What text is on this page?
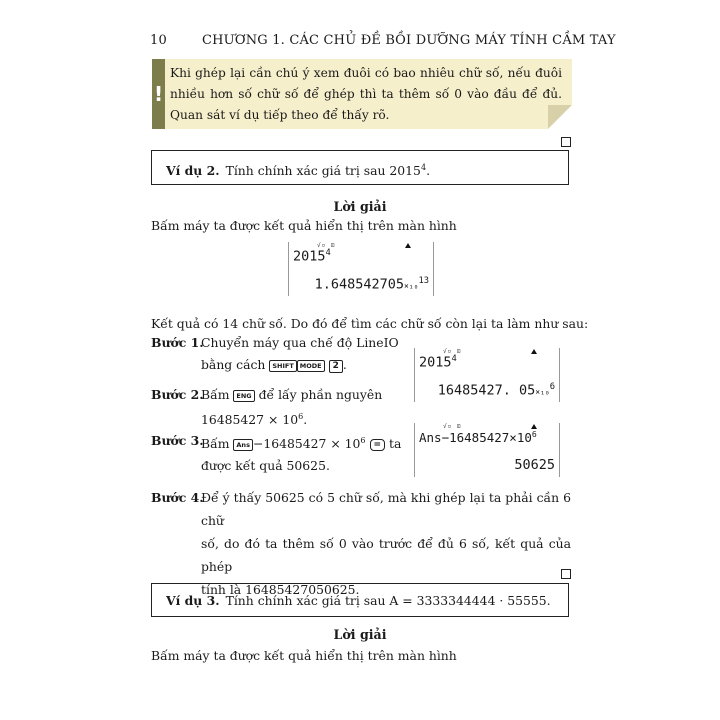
10	CHƯƠNG 1. CÁC CHỦ ĐỀ BỒI DƯỠNG MÁY TÍNH CẦM TAY
!
Khi ghép lại cần chú ý xem đuôi có bao nhiêu chữ số, nếu đuôi nhiều hơn số chữ số để ghép thì ta thêm số 0 vào đầu để đủ. Quan sát ví dụ tiếp theo để thấy rõ.
Ví dụ 2. Tính chính xác giá trị sau 2015$^4$.
Lời giải
Bấm máy ta được kết quả hiển thị trên màn hình
√▫ ⊡
2015$^4$
1.648542705×₁₀$^{13}$
Kết quả có 14 chữ số. Do đó để tìm các chữ số còn lại ta làm như sau:
Bước 1.
Chuyển máy qua chế độ LineIO
bằng cách SHIFT MODE 2 .
√▫ ⊡
2015$^4$
16485427. 05×₁₀$^6$
Bước 2.
Bấm ENG để lấy phần nguyên
$16485427 \times 10^6$.	√▫ ⊡
$Ans-16485427\times 10^6$
50625
Bước 3.
Bấm Ans $-16485427 \times 10^6$ = ta
được kết quả 50625.
Bước 4.
Để ý thấy 50625 có 5 chữ số, mà khi ghép lại ta phải cần 6 chữ
số, do đó ta thêm số 0 vào trước để đủ 6 số, kết quả của phép
tính là 16485427050625.
Ví dụ 3. Tính chính xác giá trị sau A = 3333344444 · 55555.
Lời giải
Bấm máy ta được kết quả hiển thị trên màn hình
